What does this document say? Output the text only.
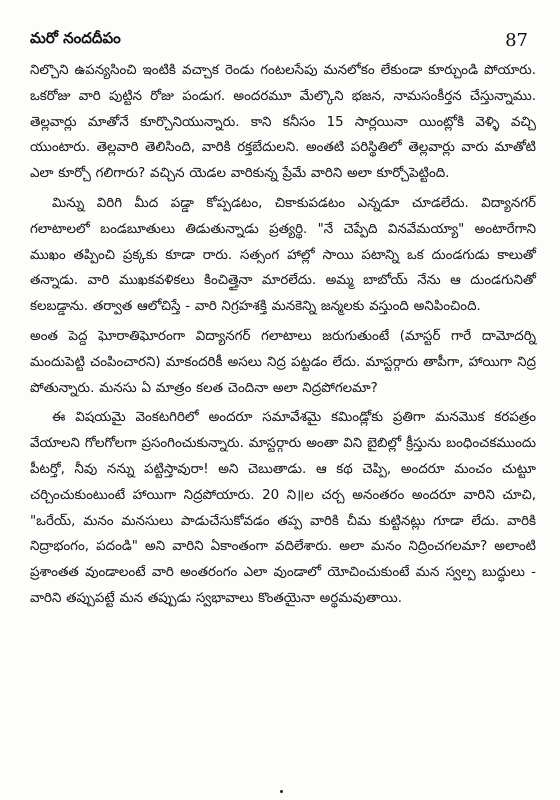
మరో నందదీపం	87

నిల్చొని ఉపన్యసించి ఇంటికి వచ్చాక రెండు గంటలసేపు మనలోకం లేకుండా కూర్చుండి పోయారు. ఒకరోజు వారి పుట్టిన రోజు పండుగ. అందరమూ మేల్కొని భజన, నామసంకీర్తన చేస్తున్నాము. తెల్లవార్లు మాతోనే కూర్చొనియున్నారు. కాని కనీసం 15 సార్లయినా యింట్లోకి వెళ్ళి వచ్చి యుంటారు. తెల్లవారి తెలిసింది, వారికి రక్తబేదులని. అంతటి పరిస్థితిలో తెల్లవార్లు వారు మాతోటి ఎలా కూర్చో గలిగారు? వచ్చిన యెడల వారికున్న ప్రేమే వారిని అలా కూర్చోపెట్టింది.

మిన్ను విరిగి మీద పడ్డా కోప్పడటం, చికాకుపడటం ఎన్నడూ చూడలేదు. విద్యానగర్ గలాటాలలో బండబూతులు తిడుతున్నాడు ప్రత్యర్థి. "నే చెప్పేది వినవేమయ్యా" అంటారేగాని ముఖం తప్పించి ప్రక్కకు కూడా రారు. సత్సంగ హాల్లో సాయి పటాన్ని ఒక దుండగుడు కాలుతో తన్నాడు. వారి ముఖకవళికలు కించిత్తైనా మారలేదు. అమ్మ బాబోయ్ నేను ఆ దుండగునితో కలబడ్డాను. తర్వాత ఆలోచిస్తే - వారి నిగ్రహశక్తి మనకెన్ని జన్మలకు వస్తుంది అనిపించింది.

అంత పెద్ద ఘోరాతిఘోరంగా విద్యానగర్ గలాటాలు జరుగుతుంటే (మాస్టర్ గారే దామోదర్ని మందుపెట్టి చంపించారని) మాకందరికీ అసలు నిద్ర పట్టడం లేదు. మాస్టర్గారు తాపీగా, హాయిగా నిద్ర పోతున్నారు. మనసు ఏ మాత్రం కలత చెందినా అలా నిద్రపోగలమా?

ఈ విషయమై వెంకటగిరిలో అందరూ సమావేశమై కమిండ్లోకు ప్రతిగా మనమొక కరపత్రం వేయాలని గోలగోలగా ప్రసంగించుకున్నారు. మాస్టర్గారు అంతా విని బైబిల్లో క్రీస్తును బంధించకముందు పీటర్తో, నీవు నన్ను పట్టిస్తావురా! అని చెబుతాడు. ఆ కథ చెప్పి, అందరూ మంచం చుట్టూ చర్చించుకుంటుంటే హాయిగా నిద్రపోయారు. 20 ని॥ల చర్చ అనంతరం అందరూ వారిని చూచి, "ఒరేయ్, మనం మనసులు పాడుచేసుకోవడం తప్ప వారికి చీమ కుట్టినట్లు గూడా లేదు. వారికి నిద్రాభంగం, పదండి" అని వారిని ఏకాంతంగా వదిలేశారు. అలా మనం నిద్రించగలమా? అలాంటి ప్రశాంతత వుండాలంటే వారి అంతరంగం ఎలా వుండాలో యోచించుకుంటే మన స్వల్ప బుద్ధులు - వారిని తప్పుపట్టే మన తప్పుడు స్వభావాలు కొంతయైనా అర్థమవుతాయి.
